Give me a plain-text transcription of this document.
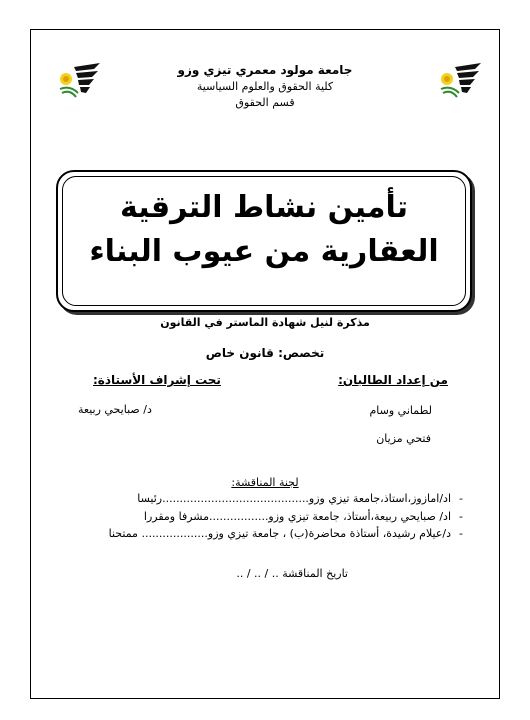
جامعة مولود معمري تيزي وزو
كلية الحقوق والعلوم السياسية
قسم الحقوق
مذكرة لنيل شهادة الماستر في القانون
تأمين نشاط الترقية العقارية من عيوب البناء
تخصص: قانون خاص
من إعداد الطالبان:
تحت إشراف الأستاذة:
لطماني وسام
د/ صبايحي ربيعة
فتحي مزيان
لجنة المناقشة:
-اد/امازوز،استاذ،جامعة تيزي وزو..........................................رئيسا
-اد/ صبايحي ربيعة،أستاذ، جامعة تيزي وزو.................مشرفا ومقررا
-د/عيلام رشيدة، أستاذة محاضرة(ب) ، جامعة تيزي وزو................... ممتحنا
تاريخ المناقشة .. / .. / ..
